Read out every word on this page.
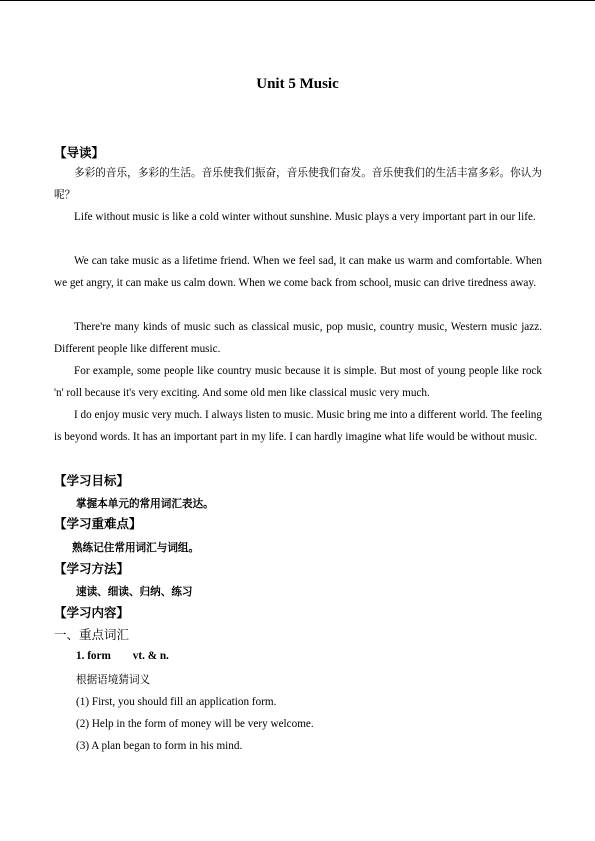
Unit 5 Music
【导读】
多彩的音乐，多彩的生活。音乐使我们振奋，音乐使我们奋发。音乐使我们的生活丰富多彩。你认为呢？
Life without music is like a cold winter without sunshine. Music plays a very important part in our life.
We can take music as a lifetime friend. When we feel sad, it can make us warm and comfortable. When we get angry, it can make us calm down. When we come back from school, music can drive tiredness away.
There're many kinds of music such as classical music, pop music, country music, Western music jazz. Different people like different music.
For example, some people like country music because it is simple. But most of young people like rock 'n' roll because it's very exciting. And some old men like classical music very much.
I do enjoy music very much. I always listen to music. Music bring me into a different world. The feeling is beyond words. It has an important part in my life. I can hardly imagine what life would be without music.
【学习目标】
掌握本单元的常用词汇表达。
【学习重难点】
熟练记住常用词汇与词组。
【学习方法】
速读、细读、归纳、练习
【学习内容】
一、重点词汇
1. form vt. & n.
根据语境猜词义
(1) First, you should fill an application form.
(2) Help in the form of money will be very welcome.
(3) A plan began to form in his mind.
